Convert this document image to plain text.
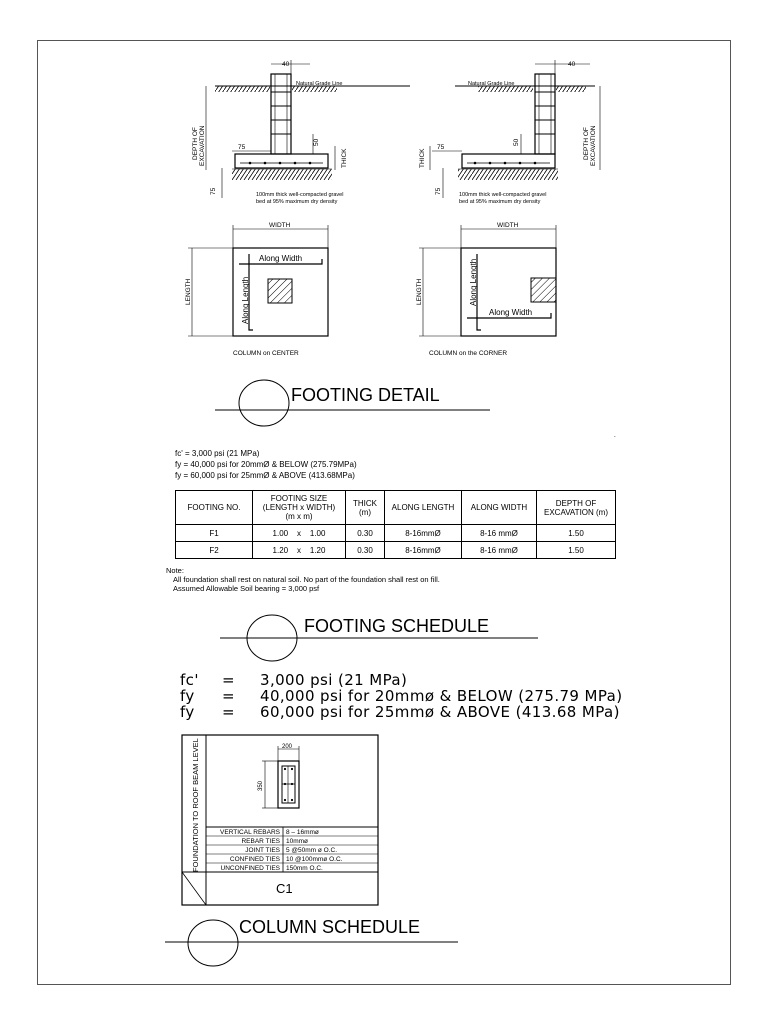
40
75
50
75
THICK
DEPTH OF EXCAVATION
Natural Grade Line
100mm thick well-compacted gravel
bed at 95% maximum dry density
40
75
50
75
THICK	DEPTH OF EXCAVATION
Natural Grade Line
100mm thick well-compacted gravel
bed at 95% maximum dry density
WIDTH
LENGTH
Along Width
Along Length
COLUMN on CENTER
WIDTH
LENGTH
Along Width
Along Length
COLUMN on the CORNER
FOOTING DETAIL
´
fc' = 3,000 psi (21 MPa)
fy = 40,000 psi for 20mmØ & BELOW (275.79MPa)
fy = 60,000 psi for 25mmØ & ABOVE (413.68MPa)
FOOTING NO.	FOOTING SIZE
(LENGTH x WIDTH)
(m x m)	THICK
(m)	ALONG LENGTH	ALONG WIDTH	DEPTH OF
EXCAVATION (m)
F1	1.00    x    1.00	0.30	8-16mmØ	8-16 mmØ	1.50
F2	1.20    x    1.20	0.30	8-16mmØ	8-16 mmØ	1.50
Note:
All foundation shall rest on natural soil. No part of the foundation shall rest on fill.
Assumed Allowable Soil bearing = 3,000 psf
FOOTING SCHEDULE
fc'	=	3,000 psi (21 MPa)
fy	=	40,000 psi for 20mmø & BELOW (275.79 MPa)
fy	=	60,000 psi for 25mmø & ABOVE (413.68 MPa)
FOUNDATION TO ROOF BEAM LEVEL	200
350
VERTICAL REBARS 8 – 16mmø
REBAR TIES 10mmø
JOINT TIES 5 @50mm ø O.C.
CONFINED TIES 10 @100mmø O.C.
UNCONFINED TIES 150mm O.C.
C1
COLUMN SCHEDULE
